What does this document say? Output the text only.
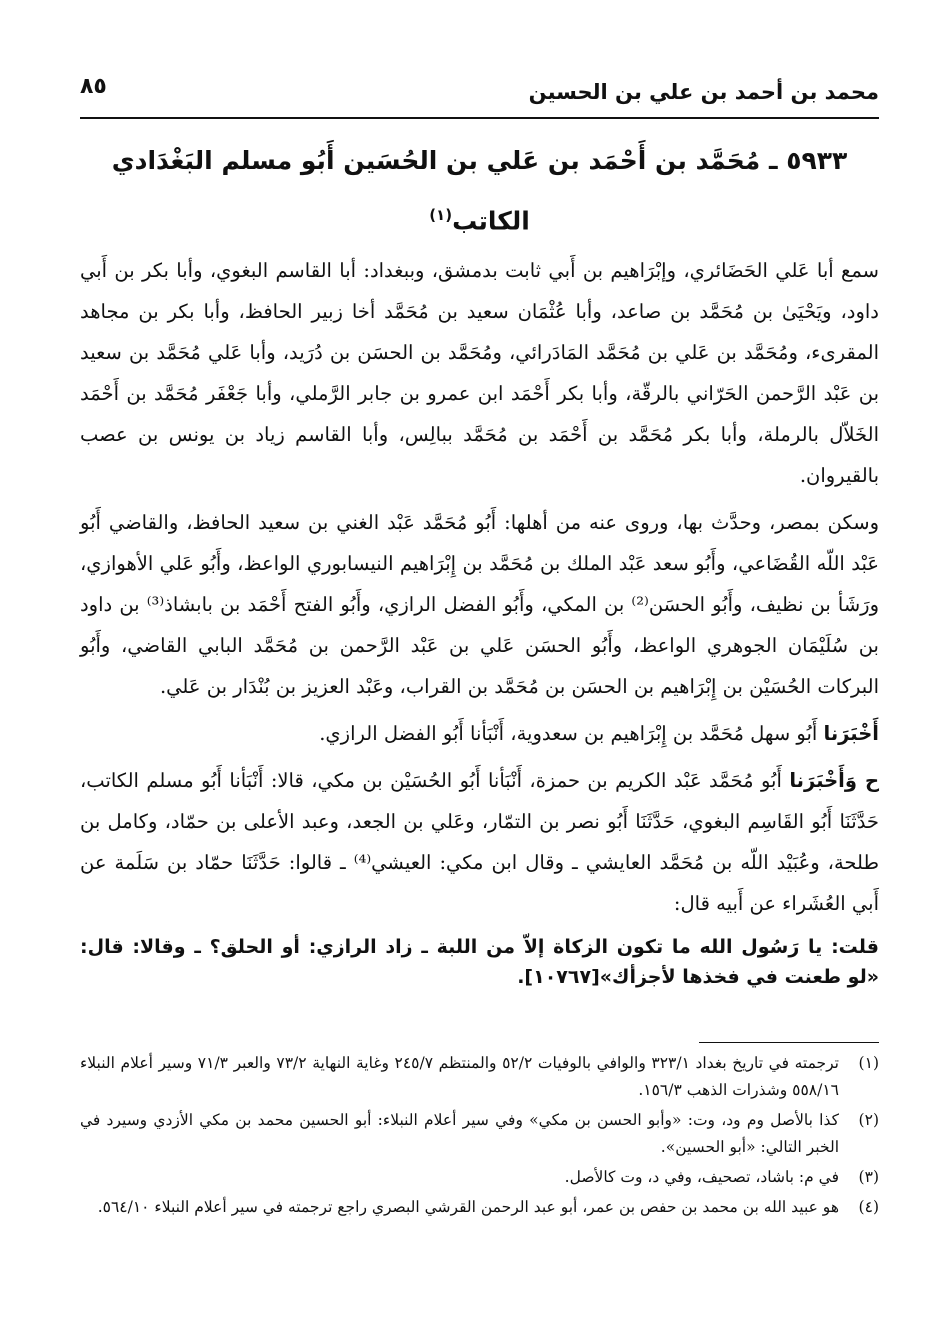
محمد بن أحمد بن علي بن الحسين
٨٥
٥٩٣٣ ـ مُحَمَّد بن أَحْمَد بن عَلي بن الحُسَين أَبُو مسلم البَغْدَادي الكاتب$^{(١)}$

سمع أبا عَلي الحَضَائري، وإبْرَاهيم بن أَبي ثابت بدمشق، وببغداد: أبا القاسم البغوي، وأبا بكر بن أَبي داود، ويَحْيَىٰ بن مُحَمَّد بن صاعد، وأبا عُثْمَان سعيد بن مُحَمَّد أخا زبير الحافظ، وأبا بكر بن مجاهد المقرىء، ومُحَمَّد بن عَلي بن مُحَمَّد المَادَرائي، ومُحَمَّد بن الحسَن بن دُرَيد، وأبا عَلي مُحَمَّد بن سعيد بن عَبْد الرَّحمن الحَرّاني بالرقّة، وأبا بكر أَحْمَد ابن عمرو بن جابر الرَّملي، وأبا جَعْفَر مُحَمَّد بن أَحْمَد الخَلاّل بالرملة، وأبا بكر مُحَمَّد بن أَحْمَد بن مُحَمَّد ببالِس، وأبا القاسم زياد بن يونس بن عصب بالقيروان.

وسكن بمصر، وحدَّث بها، وروى عنه من أهلها: أَبُو مُحَمَّد عَبْد الغني بن سعيد الحافظ، والقاضي أَبُو عَبْد اللّه القُضَاعي، وأَبُو سعد عَبْد الملك بن مُحَمَّد بن إِبْرَاهيم النيسابوري الواعظ، وأَبُو عَلي الأهوازي، ورَشَأ بن نظيف، وأَبُو الحسَن⁽²⁾ بن المكي، وأَبُو الفضل الرازي، وأَبُو الفتح أَحْمَد بن بابشاذ⁽³⁾ بن داود بن سُلَيْمَان الجوهري الواعظ، وأَبُو الحسَن عَلي بن عَبْد الرَّحمن بن مُحَمَّد البابي القاضي، وأَبُو البركات الحُسَيْن بن إِبْرَاهيم بن الحسَن بن مُحَمَّد بن القراب، وعَبْد العزيز بن بُنْدَار بن عَلي.

أَخْبَرَنا أَبُو سهل مُحَمَّد بن إِبْرَاهيم بن سعدوية، أَنْبَأنا أَبُو الفضل الرازي.

ح وَأَخْبَرَنا أَبُو مُحَمَّد عَبْد الكريم بن حمزة، أَنْبَأنا أَبُو الحُسَيْن بن مكي، قالا: أَنْبَأنا أَبُو مسلم الكاتب، حَدَّثَنَا أَبُو القَاسِم البغوي، حَدَّثَنَا أَبُو نصر بن التمّار، وعَلي بن الجعد، وعبد الأعلى بن حمّاد، وكامل بن طلحة، وعُبَيْد اللّه بن مُحَمَّد العايشي ـ وقال ابن مكي: العيشي⁽⁴⁾ ـ قالوا: حَدَّثَنَا حمّاد بن سَلَمة عن أَبي العُشَراء عن أَبيه قال:

قلت: يا رَسُول الله ما تكون الزكاة إلاّ من اللبة ـ زاد الرازي: أو الحلق؟ ـ وقالا: قال: «لو طعنت في فخذها لأجزأك»[١٠٧٦٧].

(١)
ترجمته في تاريخ بغداد ٣٢٣/١ والوافي بالوفيات ٥٢/٢ والمنتظم ٢٤٥/٧ وغاية النهاية ٧٣/٢ والعبر ٧١/٣ وسير أعلام النبلاء ٥٥٨/١٦ وشذرات الذهب ١٥٦/٣.
(٢)
كذا بالأصل وم ود، وت: «وأبو الحسن بن مكي» وفي سير أعلام النبلاء: أبو الحسين محمد بن مكي الأزدي وسيرد في الخبر التالي: «أبو الحسين».
(٣)
في م: باشاد، تصحيف، وفي د، وت كالأصل.
(٤)
هو عبيد الله بن محمد بن حفص بن عمر، أبو عبد الرحمن القرشي البصري راجع ترجمته في سير أعلام النبلاء ٥٦٤/١٠.
